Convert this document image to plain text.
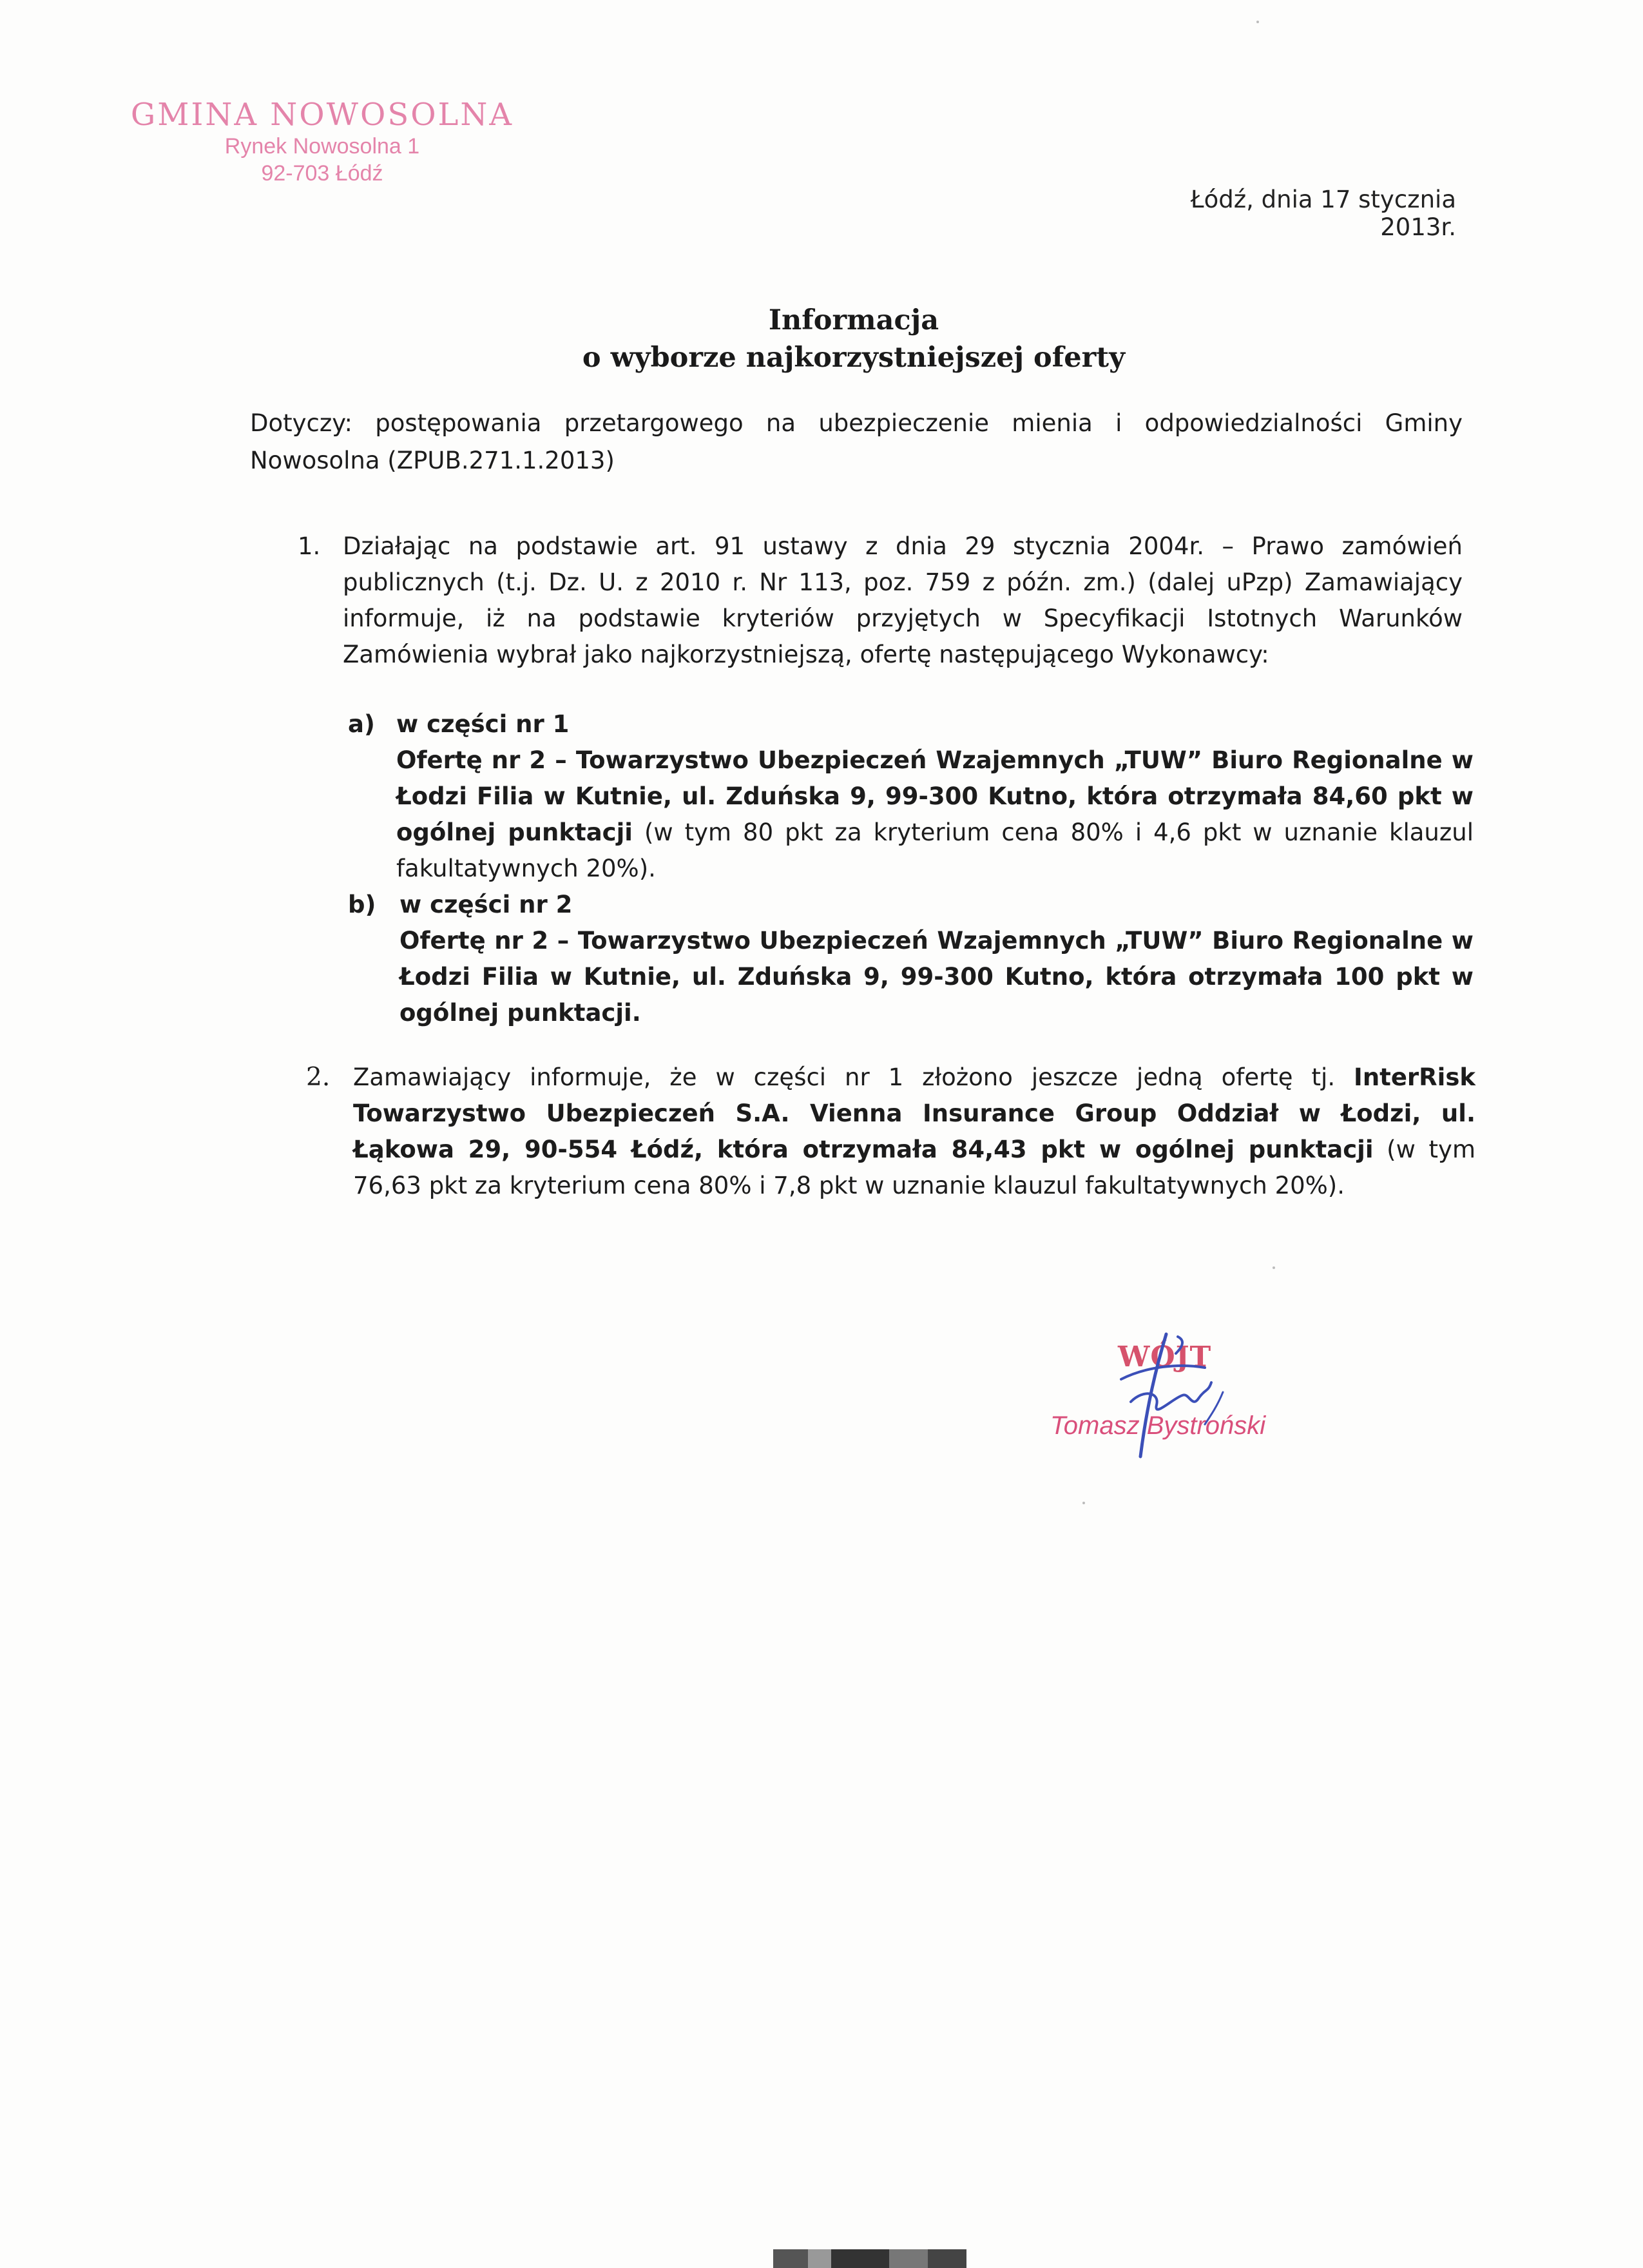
GMINA NOWOSOLNA
Rynek Nowosolna 1
92-703 Łódź
Łódź, dnia 17 stycznia 2013r.
Informacja
o wyborze najkorzystniejszej oferty
Dotyczy: postępowania przetargowego na ubezpieczenie mienia i odpowiedzialności Gminy Nowosolna (ZPUB.271.1.2013)
1. Działając na podstawie art. 91 ustawy z dnia 29 stycznia 2004r. – Prawo zamówień publicznych (t.j. Dz. U. z 2010 r. Nr 113, poz. 759 z późn. zm.) (dalej uPzp) Zamawiający informuje, iż na podstawie kryteriów przyjętych w Specyfikacji Istotnych Warunków Zamówienia wybrał jako najkorzystniejszą, ofertę następującego Wykonawcy:
a) w części nr 1
Ofertę nr 2 – Towarzystwo Ubezpieczeń Wzajemnych „TUW” Biuro Regionalne w Łodzi Filia w Kutnie, ul. Zduńska 9, 99-300 Kutno, która otrzymała 84,60 pkt w ogólnej punktacji (w tym 80 pkt za kryterium cena 80% i 4,6 pkt w uznanie klauzul fakultatywnych 20%).
b) w części nr 2
Ofertę nr 2 – Towarzystwo Ubezpieczeń Wzajemnych „TUW” Biuro Regionalne w Łodzi Filia w Kutnie, ul. Zduńska 9, 99-300 Kutno, która otrzymała 100 pkt w ogólnej punktacji.
2. Zamawiający informuje, że w części nr 1 złożono jeszcze jedną ofertę tj. InterRisk Towarzystwo Ubezpieczeń S.A. Vienna Insurance Group Oddział w Łodzi, ul. Łąkowa 29, 90-554 Łódź, która otrzymała 84,43 pkt w ogólnej punktacji (w tym 76,63 pkt za kryterium cena 80% i 7,8 pkt w uznanie klauzul fakultatywnych 20%).
WÓJT
Tomasz Bystroński
